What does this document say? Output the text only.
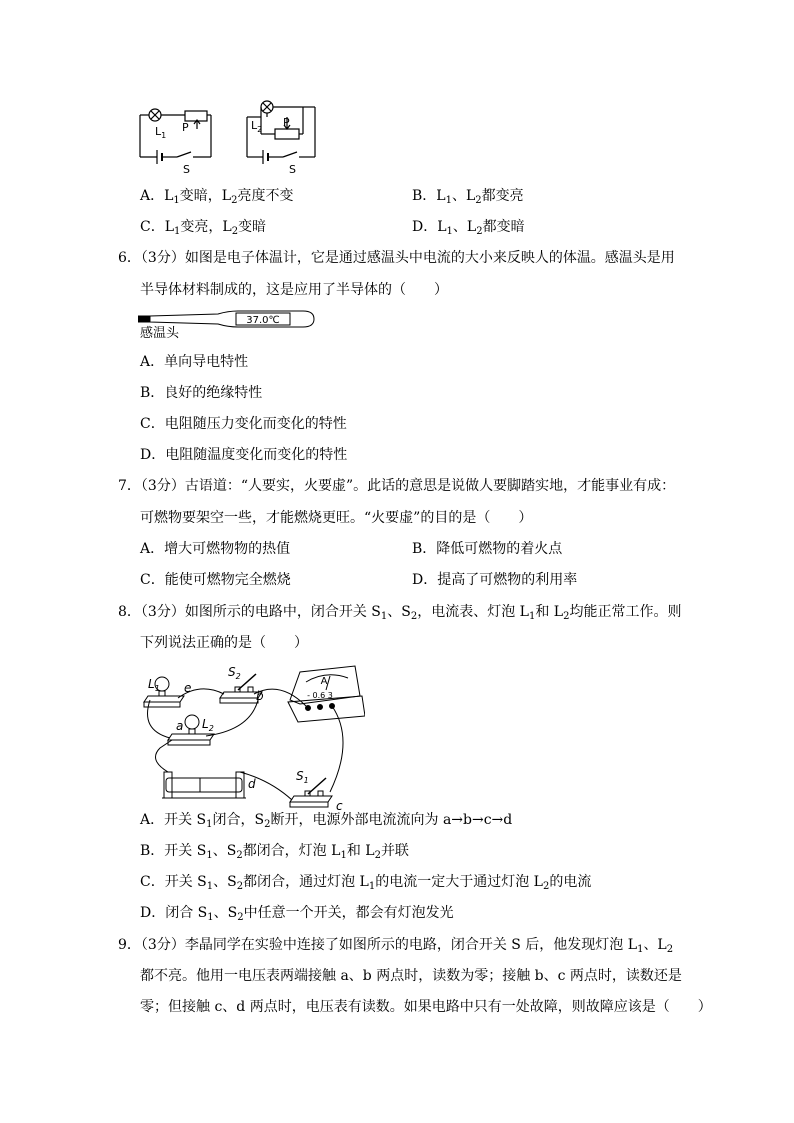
$L_1$
P
S
$L_2$
P
S
A．$L_1$变暗，$L_2$亮度不变	B．$L_1$、$L_2$都变亮
C．$L_1$变亮，$L_2$变暗	D．$L_1$、$L_2$都变暗
6．（3分）如图是电子体温计，它是通过感温头中电流的大小来反映人的体温。感温头是用
半导体材料制成的，这是应用了半导体的（　　）
37.0℃
感温头
A．单向导电特性
B．良好的绝缘特性
C．电阻随压力变化而变化的特性
D．电阻随温度变化而变化的特性
7．（3分）古语道：“人要实，火要虚”。此话的意思是说做人要脚踏实地，才能事业有成：
可燃物要架空一些，才能燃烧更旺。“火要虚”的目的是（　　）
A．增大可燃物物的热值	B．降低可燃物的着火点
C．能使可燃物完全燃烧	D．提高了可燃物的利用率
8．（3分）如图所示的电路中，闭合开关 $S_1$、$S_2$，电流表、灯泡 $L_1$和 $L_2$均能正常工作。则
下列说法正确的是（　　）
$L_1$ e
$S_2$
b
a $L_2$
d
$S_1$
c
A
- 0.6 3
A．开关 $S_1$闭合，$S_2$断开，电源外部电流流向为 a→b→c→d
B．开关 $S_1$、$S_2$都闭合，灯泡 $L_1$和 $L_2$并联
C．开关 $S_1$、$S_2$都闭合，通过灯泡 $L_1$的电流一定大于通过灯泡 $L_2$的电流
D．闭合 $S_1$、$S_2$中任意一个开关，都会有灯泡发光
9．（3分）李晶同学在实验中连接了如图所示的电路，闭合开关 S 后，他发现灯泡 $L_1$、$L_2$
都不亮。他用一电压表两端接触 a、b 两点时，读数为零；接触 b、c 两点时，读数还是
零；但接触 c、d 两点时，电压表有读数。如果电路中只有一处故障，则故障应该是（　　）
